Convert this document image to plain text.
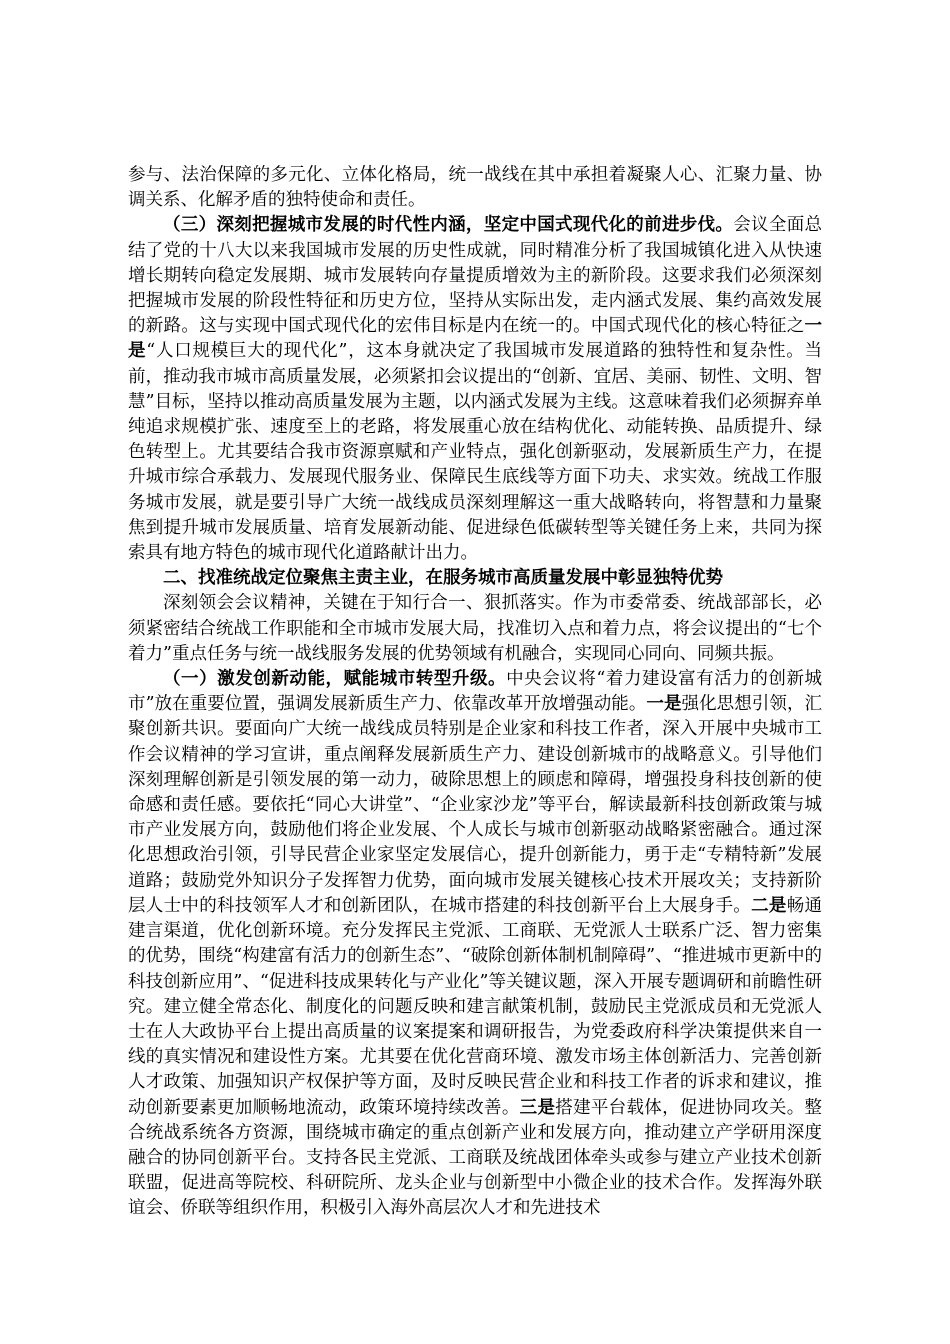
参与、法治保障的多元化、立体化格局，统一战线在其中承担着凝聚人心、汇聚力量、协调关系、化解矛盾的独特使命和责任。

（三）深刻把握城市发展的时代性内涵，坚定中国式现代化的前进步伐。会议全面总结了党的十八大以来我国城市发展的历史性成就，同时精准分析了我国城镇化进入从快速增长期转向稳定发展期、城市发展转向存量提质增效为主的新阶段。这要求我们必须深刻把握城市发展的阶段性特征和历史方位，坚持从实际出发，走内涵式发展、集约高效发展的新路。这与实现中国式现代化的宏伟目标是内在统一的。中国式现代化的核心特征之一是“人口规模巨大的现代化”，这本身就决定了我国城市发展道路的独特性和复杂性。当前，推动我市城市高质量发展，必须紧扣会议提出的“创新、宜居、美丽、韧性、文明、智慧”目标，坚持以推动高质量发展为主题，以内涵式发展为主线。这意味着我们必须摒弃单纯追求规模扩张、速度至上的老路，将发展重心放在结构优化、动能转换、品质提升、绿色转型上。尤其要结合我市资源禀赋和产业特点，强化创新驱动，发展新质生产力，在提升城市综合承载力、发展现代服务业、保障民生底线等方面下功夫、求实效。统战工作服务城市发展，就是要引导广大统一战线成员深刻理解这一重大战略转向，将智慧和力量聚焦到提升城市发展质量、培育发展新动能、促进绿色低碳转型等关键任务上来，共同为探索具有地方特色的城市现代化道路献计出力。

二、找准统战定位聚焦主责主业，在服务城市高质量发展中彰显独特优势

深刻领会会议精神，关键在于知行合一、狠抓落实。作为市委常委、统战部部长，必须紧密结合统战工作职能和全市城市发展大局，找准切入点和着力点，将会议提出的“七个着力”重点任务与统一战线服务发展的优势领域有机融合，实现同心同向、同频共振。

（一）激发创新动能，赋能城市转型升级。中央会议将“着力建设富有活力的创新城市”放在重要位置，强调发展新质生产力、依靠改革开放增强动能。一是强化思想引领，汇聚创新共识。要面向广大统一战线成员特别是企业家和科技工作者，深入开展中央城市工作会议精神的学习宣讲，重点阐释发展新质生产力、建设创新城市的战略意义。引导他们深刻理解创新是引领发展的第一动力，破除思想上的顾虑和障碍，增强投身科技创新的使命感和责任感。要依托“同心大讲堂”、“企业家沙龙”等平台，解读最新科技创新政策与城市产业发展方向，鼓励他们将企业发展、个人成长与城市创新驱动战略紧密融合。通过深化思想政治引领，引导民营企业家坚定发展信心，提升创新能力，勇于走“专精特新”发展道路；鼓励党外知识分子发挥智力优势，面向城市发展关键核心技术开展攻关；支持新阶层人士中的科技领军人才和创新团队，在城市搭建的科技创新平台上大展身手。二是畅通建言渠道，优化创新环境。充分发挥民主党派、工商联、无党派人士联系广泛、智力密集的优势，围绕“构建富有活力的创新生态”、“破除创新体制机制障碍”、“推进城市更新中的科技创新应用”、“促进科技成果转化与产业化”等关键议题，深入开展专题调研和前瞻性研究。建立健全常态化、制度化的问题反映和建言献策机制，鼓励民主党派成员和无党派人士在人大政协平台上提出高质量的议案提案和调研报告，为党委政府科学决策提供来自一线的真实情况和建设性方案。尤其要在优化营商环境、激发市场主体创新活力、完善创新人才政策、加强知识产权保护等方面，及时反映民营企业和科技工作者的诉求和建议，推动创新要素更加顺畅地流动，政策环境持续改善。三是搭建平台载体，促进协同攻关。整合统战系统各方资源，围绕城市确定的重点创新产业和发展方向，推动建立产学研用深度融合的协同创新平台。支持各民主党派、工商联及统战团体牵头或参与建立产业技术创新联盟，促进高等院校、科研院所、龙头企业与创新型中小微企业的技术合作。发挥海外联谊会、侨联等组织作用，积极引入海外高层次人才和先进技术
